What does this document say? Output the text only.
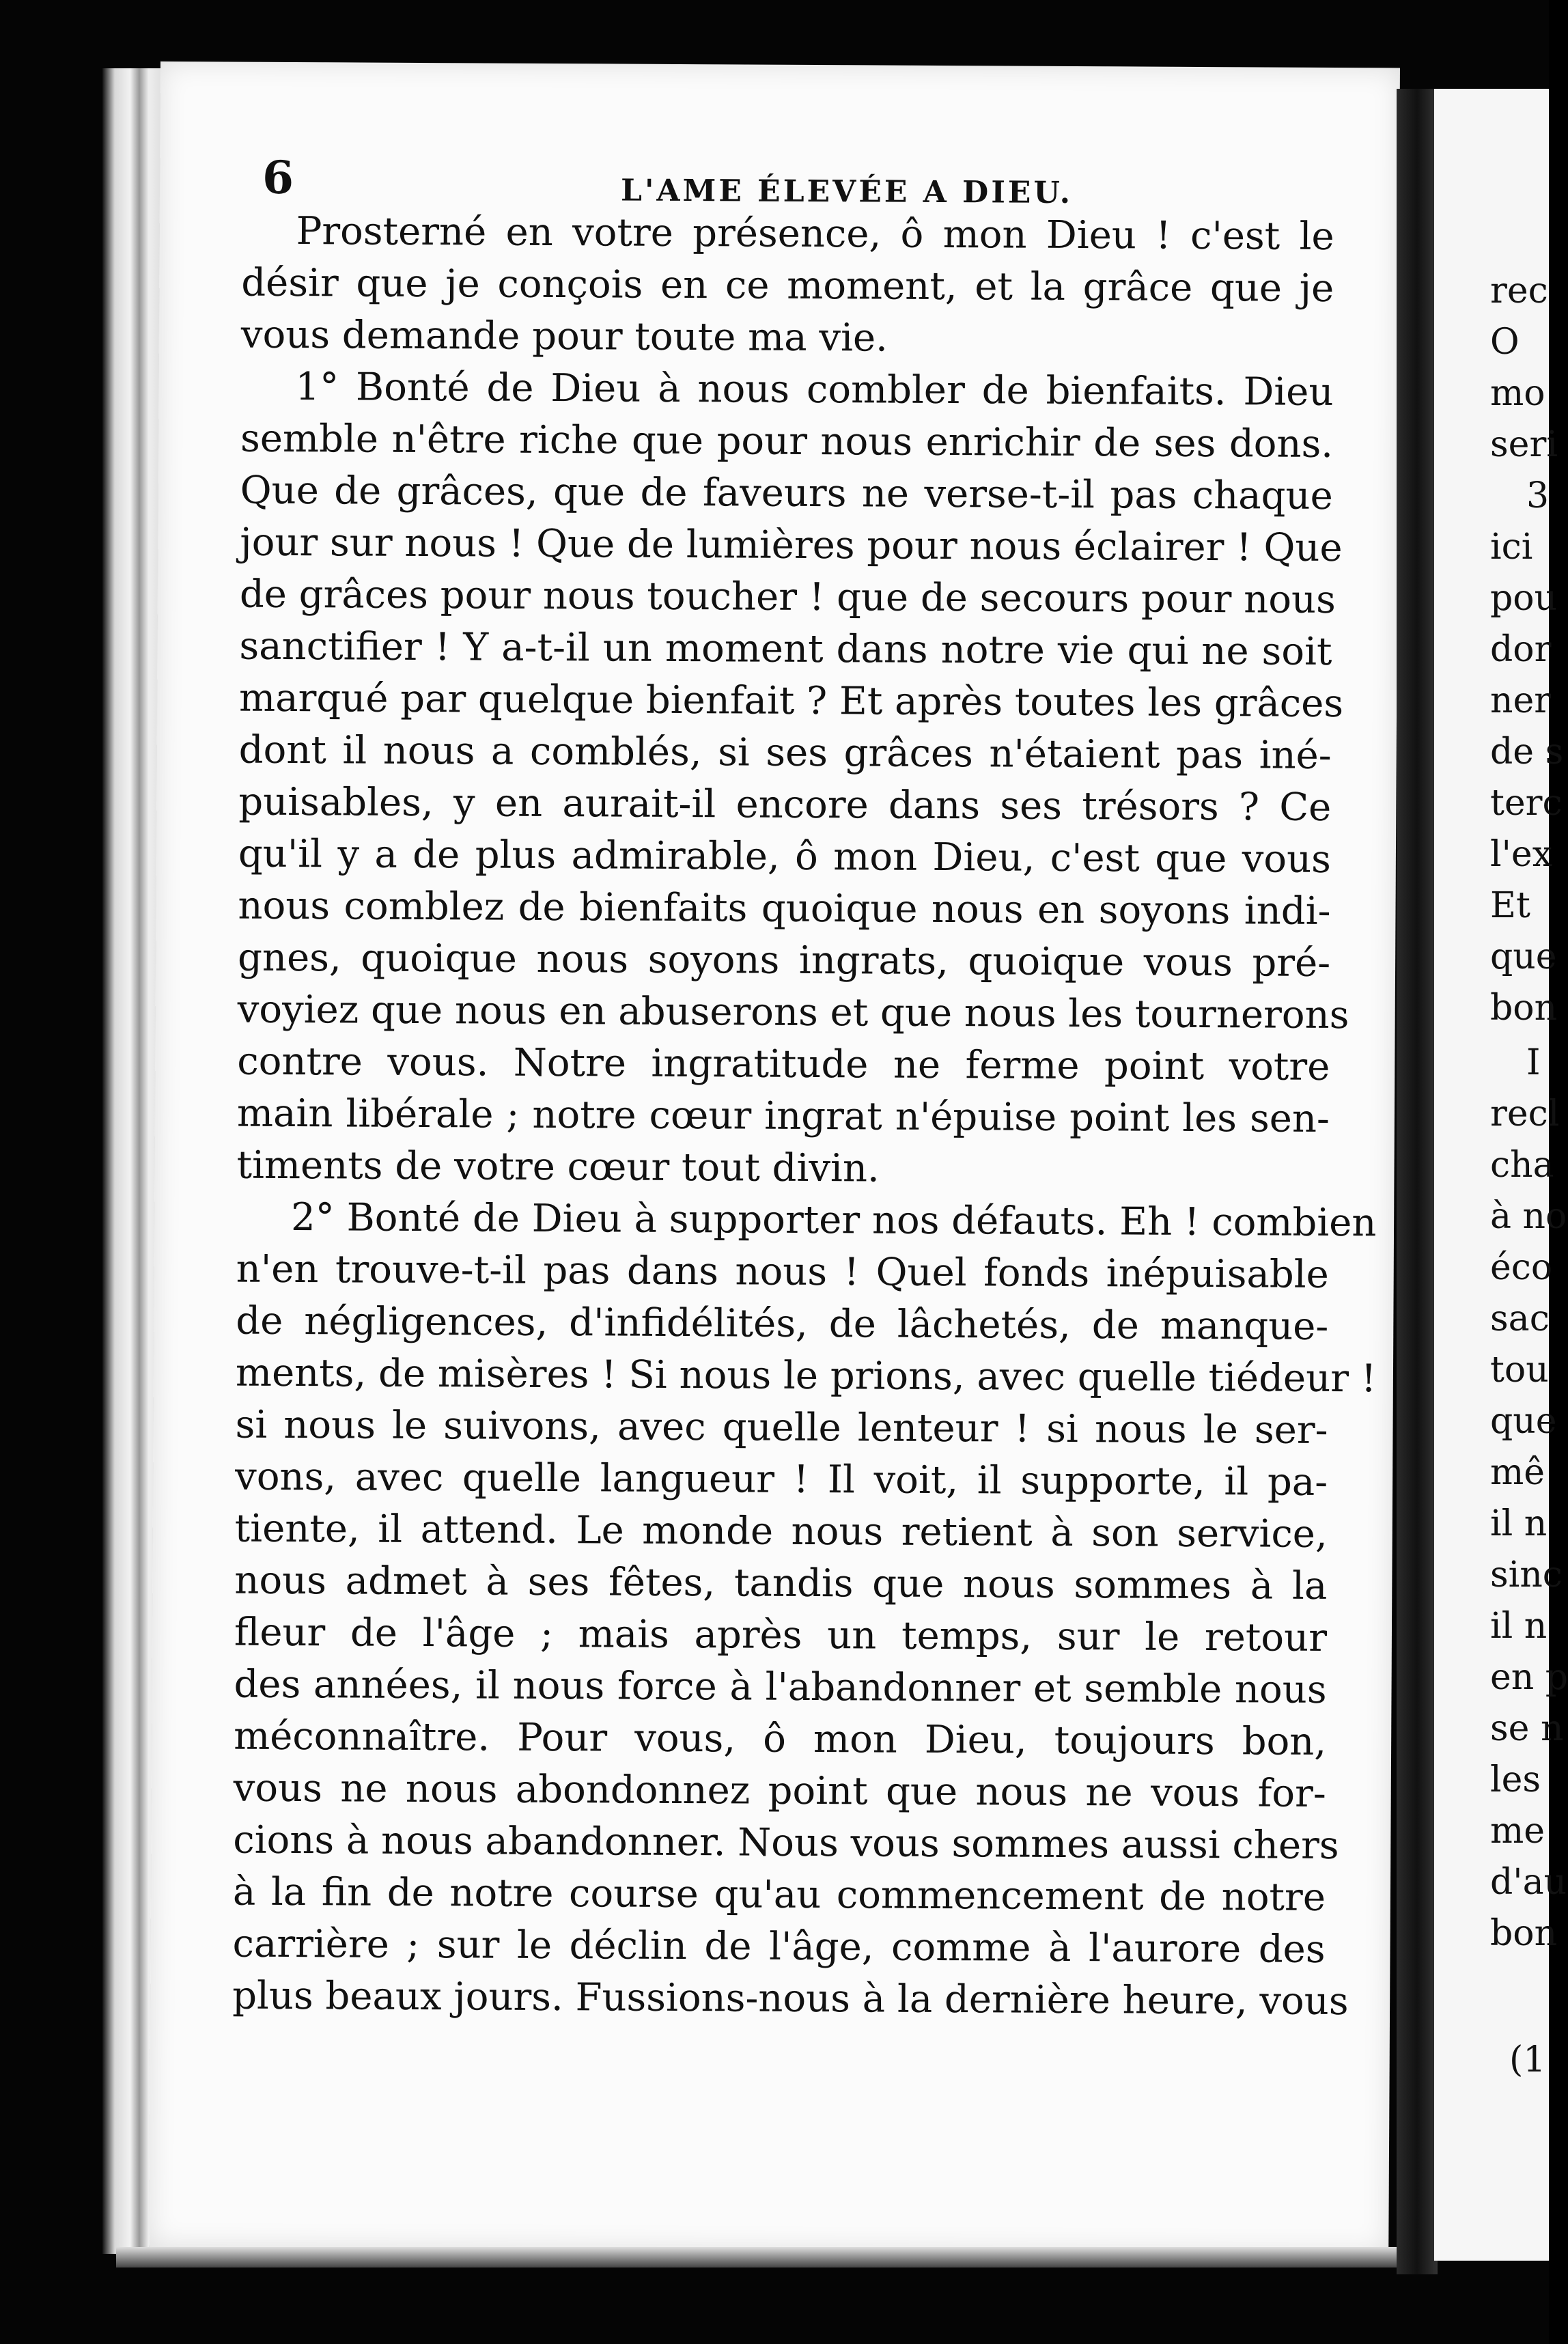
6	L'AME ÉLEVÉE A DIEU.
Prosterné en votre présence, ô mon Dieu ! c'est le
désir que je conçois en ce moment, et la grâce que je
vous demande pour toute ma vie.
1° Bonté de Dieu à nous combler de bienfaits. Dieu
semble n'être riche que pour nous enrichir de ses dons.
Que de grâces, que de faveurs ne verse-t-il pas chaque
jour sur nous ! Que de lumières pour nous éclairer ! Que
de grâces pour nous toucher ! que de secours pour nous
sanctifier ! Y a-t-il un moment dans notre vie qui ne soit
marqué par quelque bienfait ? Et après toutes les grâces
dont il nous a comblés, si ses grâces n'étaient pas iné-
puisables, y en aurait-il encore dans ses trésors ? Ce
qu'il y a de plus admirable, ô mon Dieu, c'est que vous
nous comblez de bienfaits quoique nous en soyons indi-
gnes, quoique nous soyons ingrats, quoique vous pré-
voyiez que nous en abuserons et que nous les tournerons
contre vous. Notre ingratitude ne ferme point votre
main libérale ; notre cœur ingrat n'épuise point les sen-
timents de votre cœur tout divin.
2° Bonté de Dieu à supporter nos défauts. Eh ! combien
n'en trouve-t-il pas dans nous ! Quel fonds inépuisable
de négligences, d'infidélités, de lâchetés, de manque-
ments, de misères ! Si nous le prions, avec quelle tiédeur !
si nous le suivons, avec quelle lenteur ! si nous le ser-
vons, avec quelle langueur ! Il voit, il supporte, il pa-
tiente, il attend. Le monde nous retient à son service,
nous admet à ses fêtes, tandis que nous sommes à la
fleur de l'âge ; mais après un temps, sur le retour
des années, il nous force à l'abandonner et semble nous
méconnaître. Pour vous, ô mon Dieu, toujours bon,
vous ne nous abondonnez point que nous ne vous for-
cions à nous abandonner. Nous vous sommes aussi chers
à la fin de notre course qu'au commencement de notre
carrière ; sur le déclin de l'âge, comme à l'aurore des
plus beaux jours. Fussions-nous à la dernière heure, vous
rec
O
mo
seri
3
ici
pou
dor
ner
de s
terc
l'ex
Et
que
bon
I
recl
cha
à no
éco
sac
tou
que
mê
il n
sinc
il n
en p
se n
les
me
d'au
bon
(1
